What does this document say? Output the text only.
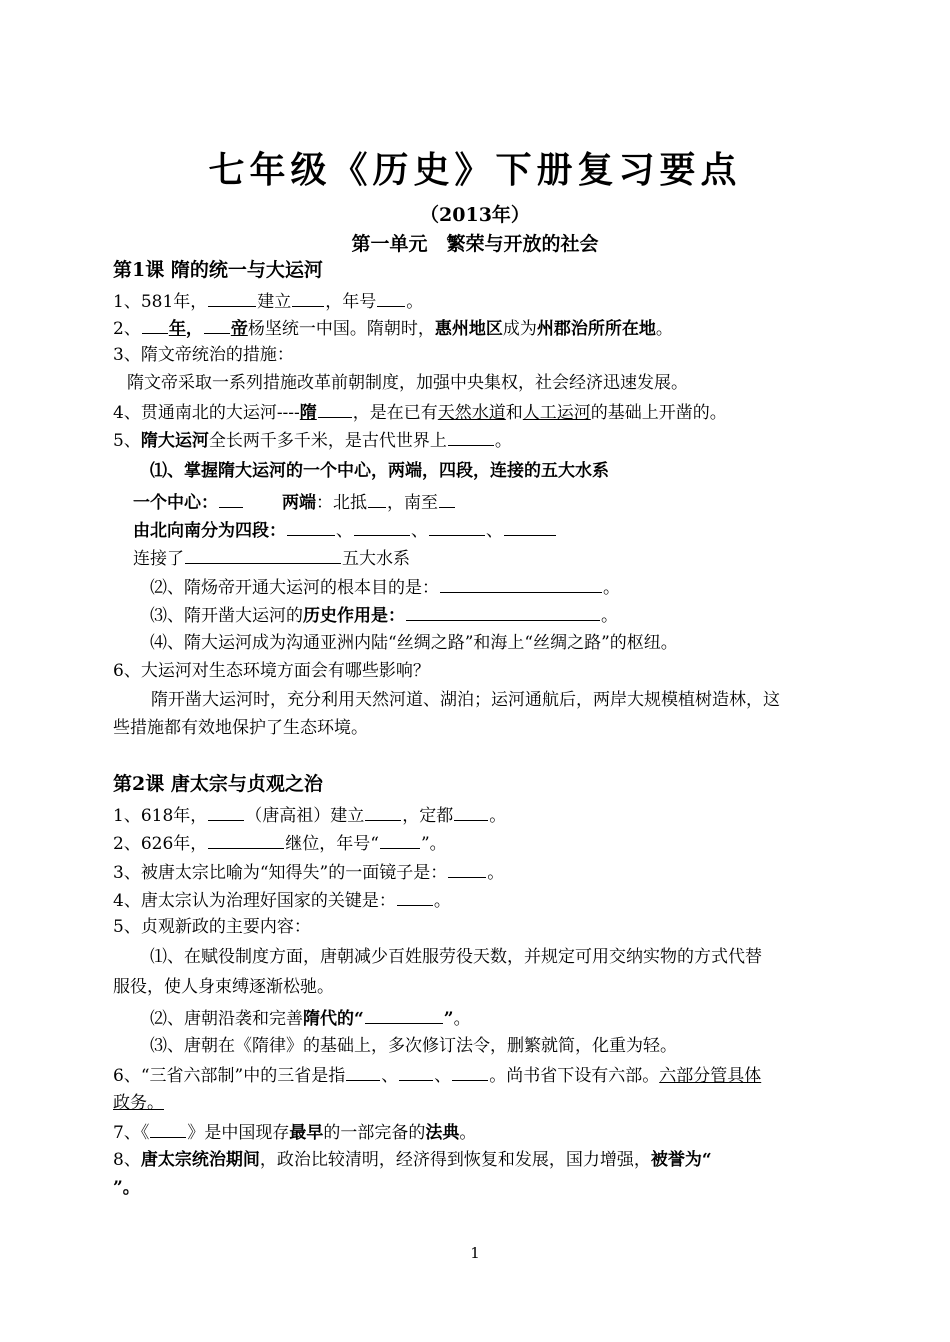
七年级《历史》下册复习要点
（2013年）
第一单元　繁荣与开放的社会
第1课 隋的统一与大运河
1、581年，	建立 ，年号 。
2、 年， 帝杨坚统一中国。隋朝时，惠州地区成为州郡治所所在地。
3、隋文帝统治的措施：
隋文帝采取一系列措施改革前朝制度，加强中央集权，社会经济迅速发展。
4、贯通南北的大运河----隋 ，是在已有天然水道和人工运河的基础上开凿的。
5、隋大运河全长两千多千米，是古代世界上	。
⑴、掌握隋大运河的一个中心，两端，四段，连接的五大水系
一个中心：	两端：北抵 ，南至
由北向南分为四段：	、	、	、
连接了	五大水系
⑵、隋炀帝开通大运河的根本目的是：	。
⑶、隋开凿大运河的历史作用是：	。
⑷、隋大运河成为沟通亚洲内陆“丝绸之路”和海上“丝绸之路”的枢纽。
6、大运河对生态环境方面会有哪些影响？
隋开凿大运河时，充分利用天然河道、湖泊；运河通航后，两岸大规模植树造林，这
些措施都有效地保护了生态环境。
第2课 唐太宗与贞观之治
1、618年， （唐高祖）建立 ，定都 。
2、626年，	继位，年号“ ”。
3、被唐太宗比喻为“知得失”的一面镜子是： 。
4、唐太宗认为治理好国家的关键是： 。
5、贞观新政的主要内容：
⑴、在赋役制度方面，唐朝减少百姓服劳役天数，并规定可用交纳实物的方式代替
服役，使人身束缚逐渐松驰。
⑵、唐朝沿袭和完善隋代的“	”。
⑶、唐朝在《隋律》的基础上，多次修订法令，删繁就简，化重为轻。
6、“三省六部制”中的三省是指 、 、 。尚书省下设有六部。六部分管具体
政务。
7、《 》是中国现存最早的一部完备的法典。
8、唐太宗统治期间，政治比较清明，经济得到恢复和发展，国力增强，被誉为“
”。
1
